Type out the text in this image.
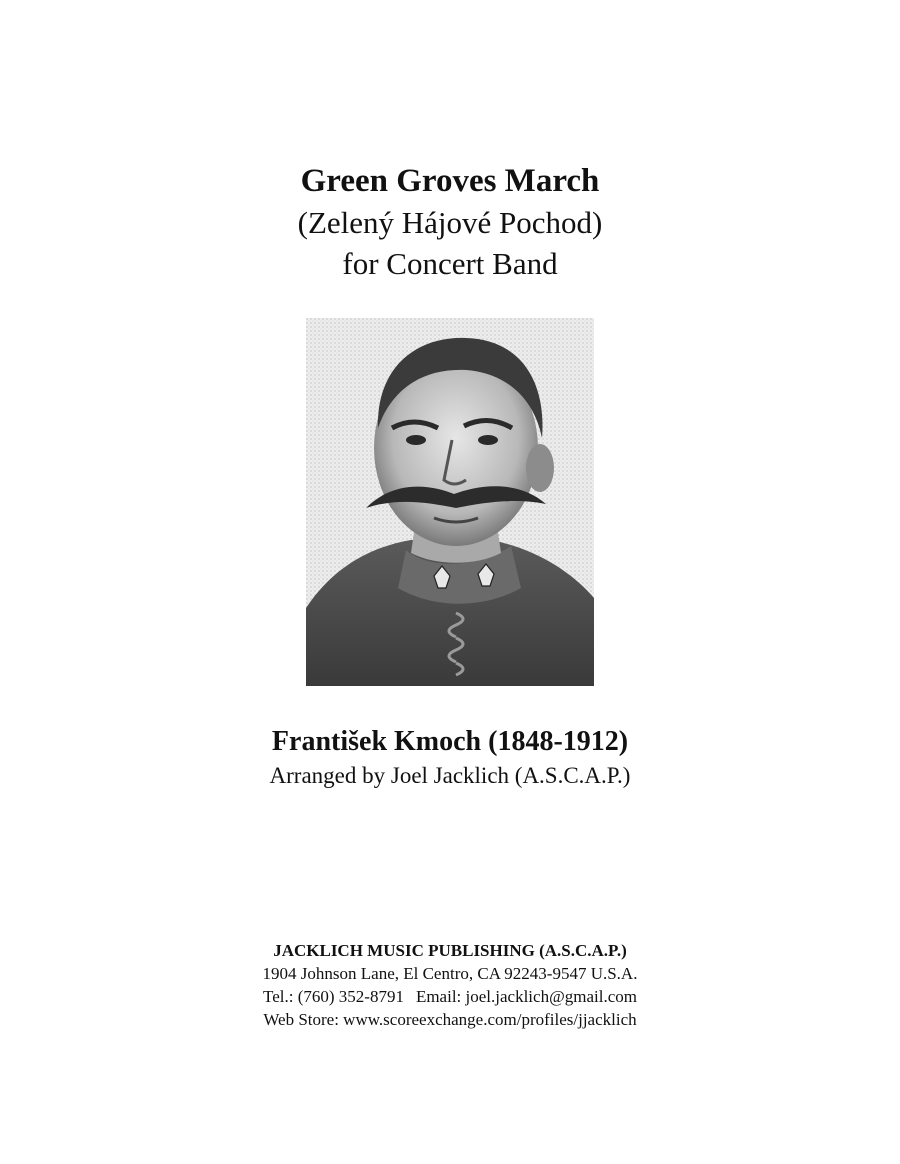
Green Groves March
(Zelený Hájové Pochod)
for Concert Band
František Kmoch (1848-1912)
Arranged by Joel Jacklich (A.S.C.A.P.)
JACKLICH MUSIC PUBLISHING (A.S.C.A.P.)
1904 Johnson Lane, El Centro, CA 92243-9547 U.S.A.
Tel.: (760) 352-8791 Email: joel.jacklich@gmail.com
Web Store: www.scoreexchange.com/profiles/jjacklich
